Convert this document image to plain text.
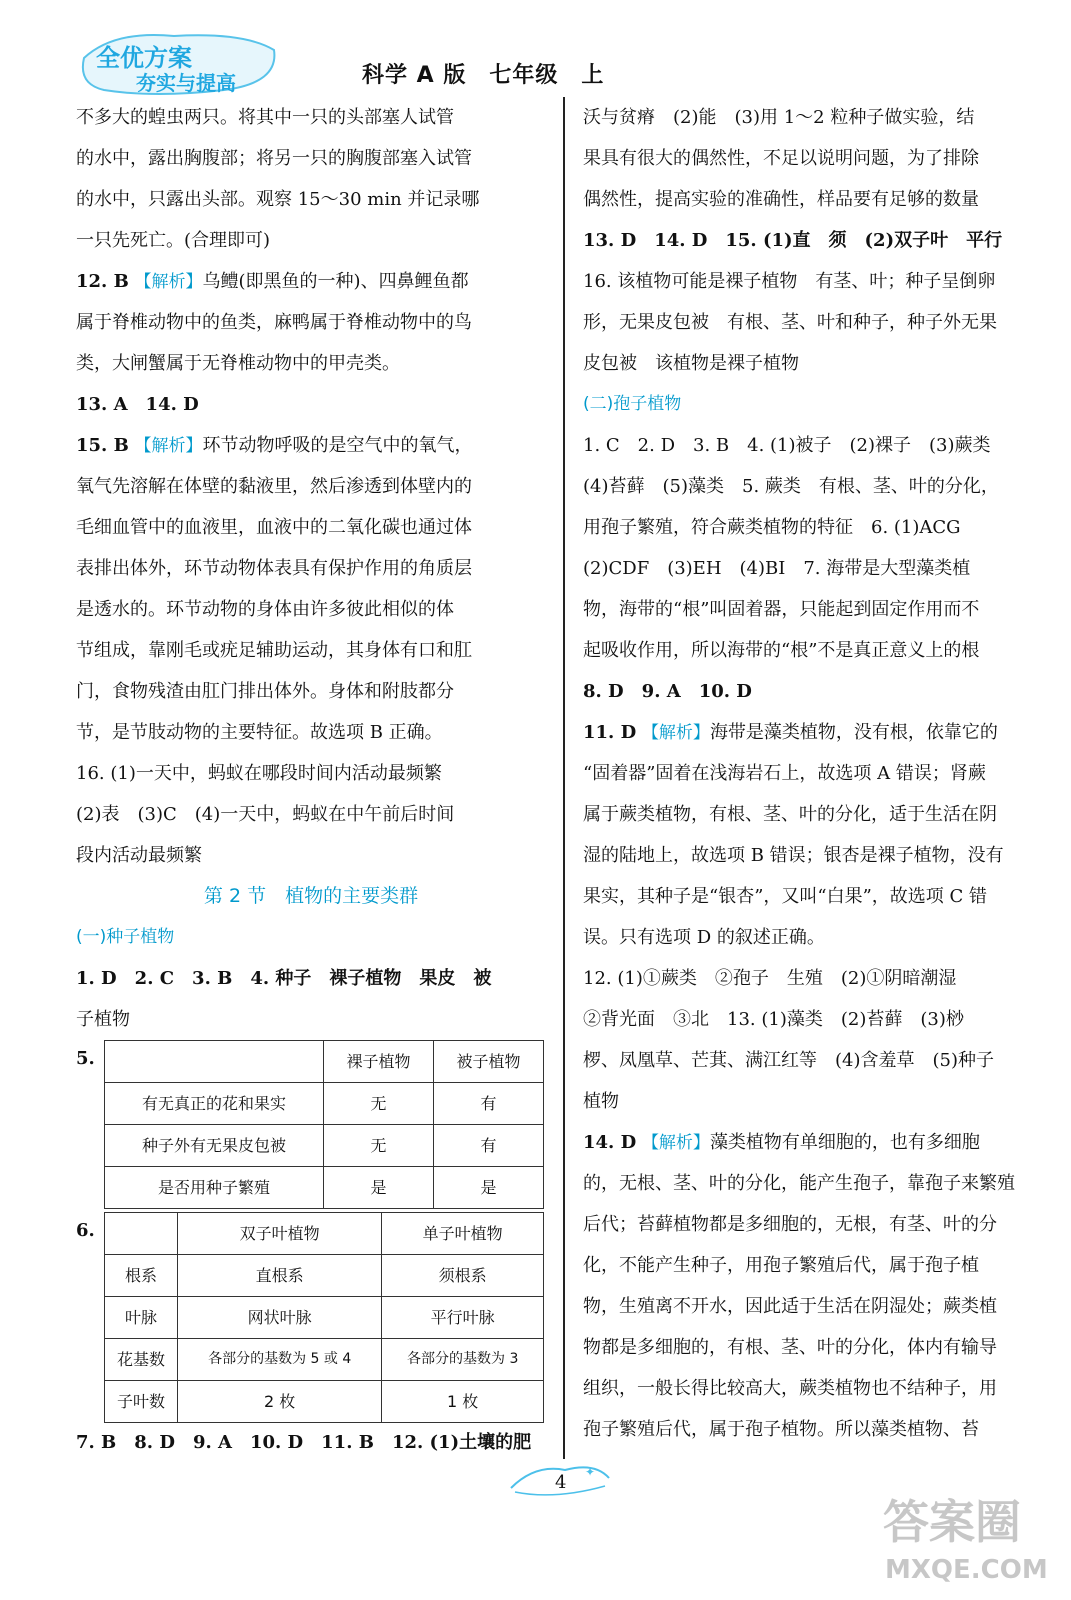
全优方案
夯实与提高	科学 A 版　七年级　上
不多大的蝗虫两只。将其中一只的头部塞人试管
的水中，露出胸腹部；将另一只的胸腹部塞入试管
的水中，只露出头部。观察 15～30 min 并记录哪
一只先死亡。(合理即可)
12. B 【解析】乌鳢(即黑鱼的一种)、四鼻鲤鱼都
属于脊椎动物中的鱼类，麻鸭属于脊椎动物中的鸟
类，大闸蟹属于无脊椎动物中的甲壳类。
13. A　14. D
15. B 【解析】环节动物呼吸的是空气中的氧气，
氧气先溶解在体壁的黏液里，然后渗透到体壁内的
毛细血管中的血液里，血液中的二氧化碳也通过体
表排出体外，环节动物体表具有保护作用的角质层
是透水的。环节动物的身体由许多彼此相似的体
节组成，靠刚毛或疣足辅助运动，其身体有口和肛
门，食物残渣由肛门排出体外。身体和附肢都分
节，是节肢动物的主要特征。故选项 B 正确。
16. (1)一天中，蚂蚁在哪段时间内活动最频繁
(2)表　(3)C　(4)一天中，蚂蚁在中午前后时间
段内活动最频繁
第 2 节　植物的主要类群
(一)种子植物
1. D　2. C　3. B　4. 种子　裸子植物　果皮　被
子植物
5.
		裸子植物	被子植物
有无真正的花和果实	无	有
种子外有无果皮包被	无	有
是否用种子繁殖	是	是
6.
		双子叶植物	单子叶植物
根系	直根系	须根系
叶脉	网状叶脉	平行叶脉
花基数	各部分的基数为 5 或 4	各部分的基数为 3
子叶数	2 枚	1 枚
7. B　8. D　9. A　10. D　11. B　12. (1)土壤的肥
沃与贫瘠　(2)能　(3)用 1～2 粒种子做实验，结
果具有很大的偶然性，不足以说明问题，为了排除
偶然性，提高实验的准确性，样品要有足够的数量
13. D　14. D　15. (1)直　须　(2)双子叶　平行
16. 该植物可能是裸子植物　有茎、叶；种子呈倒卵
形，无果皮包被　有根、茎、叶和种子，种子外无果
皮包被　该植物是裸子植物
(二)孢子植物
1. C　2. D　3. B　4. (1)被子　(2)裸子　(3)蕨类
(4)苔藓　(5)藻类　5. 蕨类　有根、茎、叶的分化，
用孢子繁殖，符合蕨类植物的特征　6. (1)ACG
(2)CDF　(3)EH　(4)BI　7. 海带是大型藻类植
物，海带的“根”叫固着器，只能起到固定作用而不
起吸收作用，所以海带的“根”不是真正意义上的根
8. D　9. A　10. D
11. D 【解析】海带是藻类植物，没有根，依靠它的
“固着器”固着在浅海岩石上，故选项 A 错误；肾蕨
属于蕨类植物，有根、茎、叶的分化，适于生活在阴
湿的陆地上，故选项 B 错误；银杏是裸子植物，没有
果实，其种子是“银杏”，又叫“白果”，故选项 C 错
误。只有选项 D 的叙述正确。
12. (1)①蕨类　②孢子　生殖　(2)①阴暗潮湿
②背光面　③北　13. (1)藻类　(2)苔藓　(3)桫
椤、凤凰草、芒萁、满江红等　(4)含羞草　(5)种子
植物
14. D 【解析】藻类植物有单细胞的，也有多细胞
的，无根、茎、叶的分化，能产生孢子，靠孢子来繁殖
后代；苔藓植物都是多细胞的，无根，有茎、叶的分
化，不能产生种子，用孢子繁殖后代，属于孢子植
物，生殖离不开水，因此适于生活在阴湿处；蕨类植
物都是多细胞的，有根、茎、叶的分化，体内有输导
组织，一般长得比较高大，蕨类植物也不结种子，用
孢子繁殖后代，属于孢子植物。所以藻类植物、苔
4 ✦
答案圈
MXQE.COM
